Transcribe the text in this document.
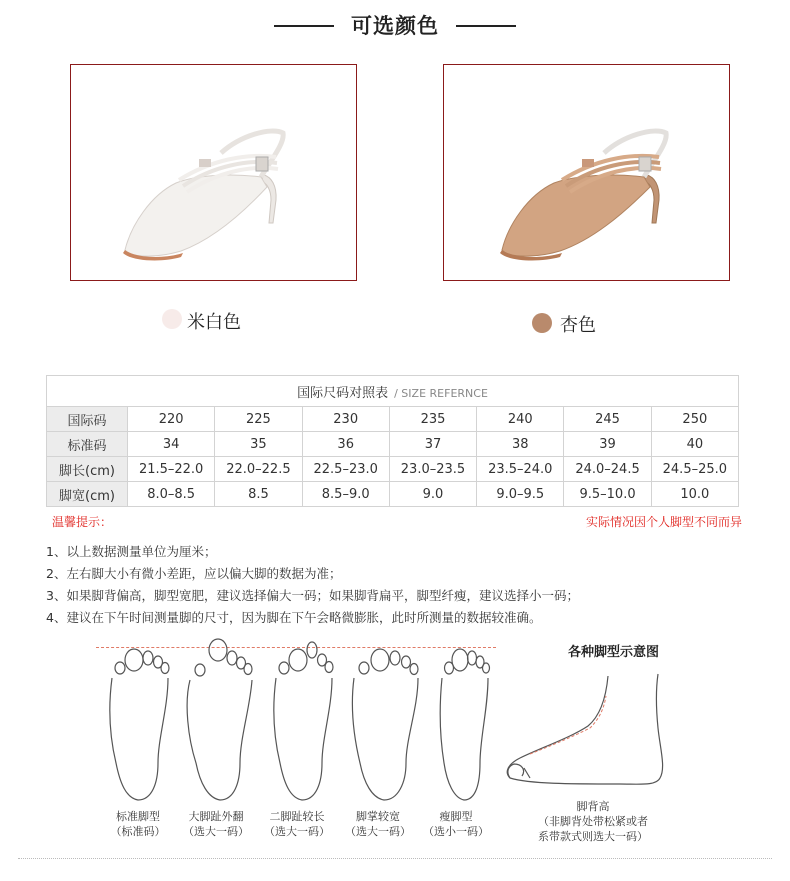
可选颜色
米白色	杏色
国际尺码对照表 / SIZE REFERNCE							
国际码	220	225	230	235	240	245	250
标准码	34	35	36	37	38	39	40
脚长(cm)	21.5–22.0	22.0–22.5	22.5–23.0	23.0–23.5	23.5–24.0	24.0–24.5	24.5–25.0
脚宽(cm)	8.0–8.5	8.5	8.5–9.0	9.0	9.0–9.5	9.5–10.0	10.0
温馨提示：	实际情况因个人脚型不同而异
1、以上数据测量单位为厘米；
2、左右脚大小有微小差距，应以偏大脚的数据为准；
3、如果脚背偏高，脚型宽肥，建议选择偏大一码；如果脚背扁平，脚型纤瘦，建议选择小一码；
4、建议在下午时间测量脚的尺寸，因为脚在下午会略微膨胀，此时所测量的数据较准确。
标准脚型
（标准码）
大脚趾外翻
（选大一码）
二脚趾较长
（选大一码）
脚掌较宽
（选大一码）
瘦脚型
（选小一码）
各种脚型示意图
脚背高
（非脚背处带松紧或者
系带款式则选大一码）
